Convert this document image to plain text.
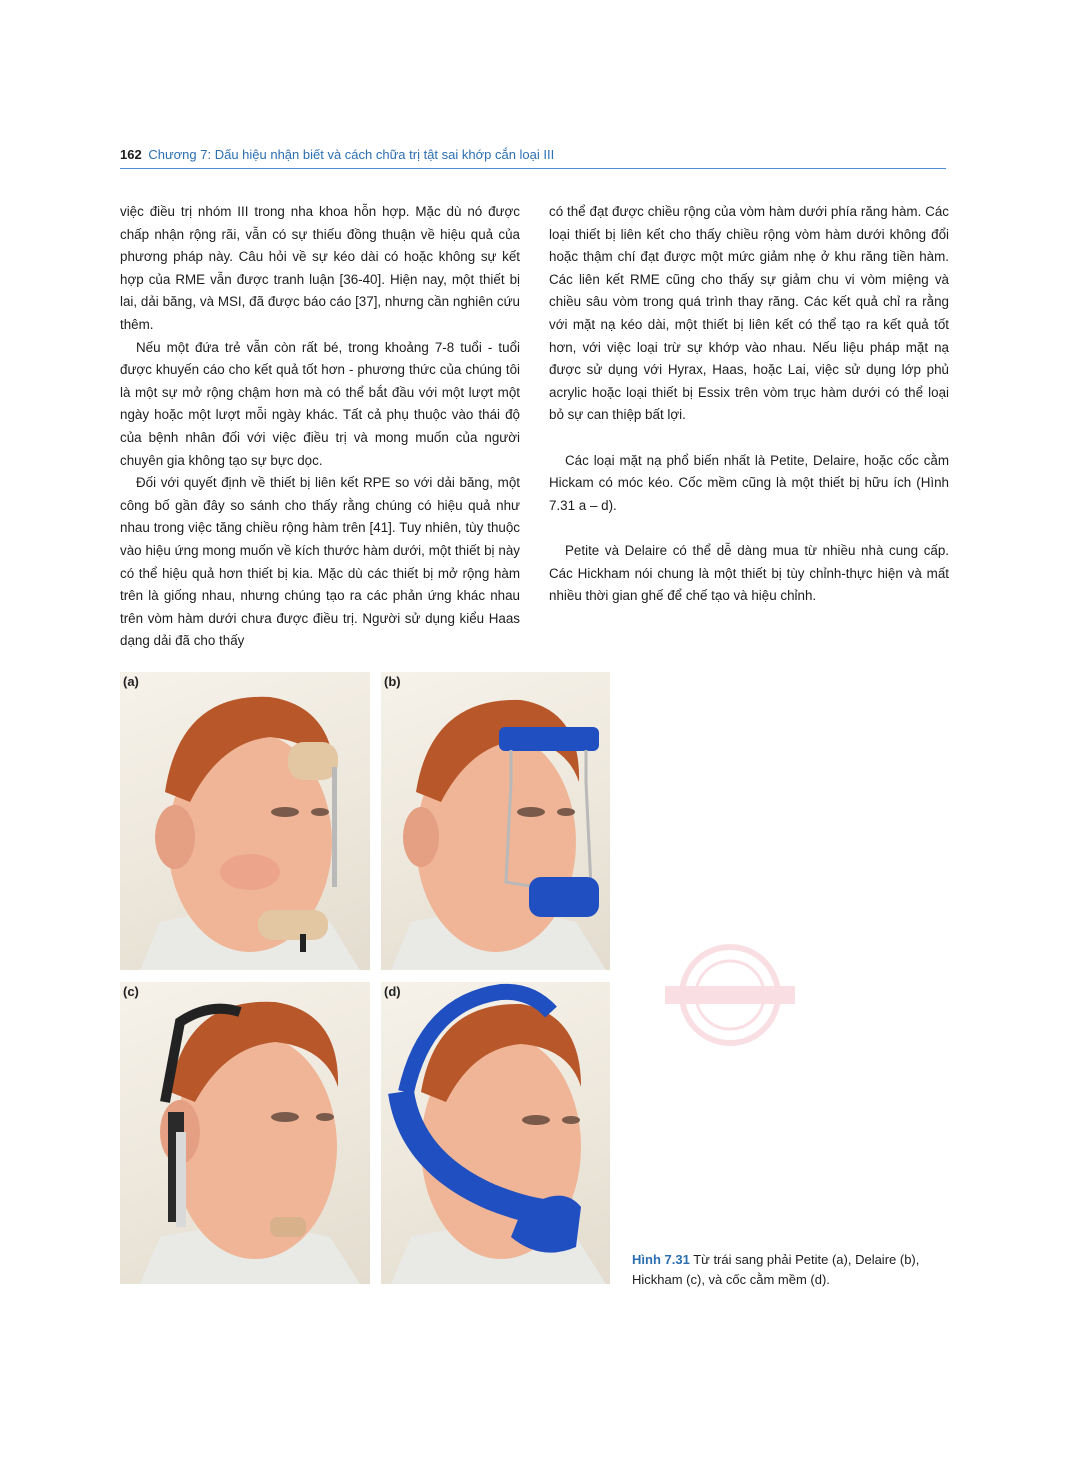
162 Chương 7: Dấu hiệu nhận biết và cách chữa trị tật sai khớp cắn loại III

việc điều trị nhóm III trong nha khoa hỗn hợp. Mặc dù nó được chấp nhận rộng rãi, vẫn có sự thiếu đồng thuận về hiệu quả của phương pháp này. Câu hỏi về sự kéo dài có hoặc không sự kết hợp của RME vẫn được tranh luận [36-40]. Hiện nay, một thiết bị lai, dải băng, và MSI, đã được báo cáo [37], nhưng cần nghiên cứu thêm.

Nếu một đứa trẻ vẫn còn rất bé, trong khoảng 7-8 tuổi - tuổi được khuyến cáo cho kết quả tốt hơn - phương thức của chúng tôi là một sự mở rộng chậm hơn mà có thể bắt đầu với một lượt một ngày hoặc một lượt mỗi ngày khác. Tất cả phụ thuộc vào thái độ của bệnh nhân đối với việc điều trị và mong muốn của người chuyên gia không tạo sự bực dọc.

Đối với quyết định về thiết bị liên kết RPE so với dải băng, một công bố gần đây so sánh cho thấy rằng chúng có hiệu quả như nhau trong việc tăng chiều rộng hàm trên [41]. Tuy nhiên, tùy thuộc vào hiệu ứng mong muốn về kích thước hàm dưới, một thiết bị này có thể hiệu quả hơn thiết bị kia. Mặc dù các thiết bị mở rộng hàm trên là giống nhau, nhưng chúng tạo ra các phản ứng khác nhau trên vòm hàm dưới chưa được điều trị. Người sử dụng kiểu Haas dạng dải đã cho thấy

có thể đạt được chiều rộng của vòm hàm dưới phía răng hàm. Các loại thiết bị liên kết cho thấy chiều rộng vòm hàm dưới không đổi hoặc thậm chí đạt được một mức giảm nhẹ ở khu răng tiền hàm. Các liên kết RME cũng cho thấy sự giảm chu vi vòm miệng và chiều sâu vòm trong quá trình thay răng. Các kết quả chỉ ra rằng với mặt nạ kéo dài, một thiết bị liên kết có thể tạo ra kết quả tốt hơn, với việc loại trừ sự khớp vào nhau. Nếu liệu pháp mặt nạ được sử dụng với Hyrax, Haas, hoặc Lai, việc sử dụng lớp phủ acrylic hoặc loại thiết bị Essix trên vòm trục hàm dưới có thể loại bỏ sự can thiệp bất lợi.

Các loại mặt nạ phổ biến nhất là Petite, Delaire, hoặc cốc cằm Hickam có móc kéo. Cốc mềm cũng là một thiết bị hữu ích (Hình 7.31 a – d).

Petite và Delaire có thể dễ dàng mua từ nhiều nhà cung cấp. Các Hickham nói chung là một thiết bị tùy chỉnh-thực hiện và mất nhiều thời gian ghế để chế tạo và hiệu chỉnh.

(a)	(b)
(c)	(d)
Hình 7.31 Từ trái sang phải Petite (a), Delaire (b), Hickham (c), và cốc cằm mềm (d).
